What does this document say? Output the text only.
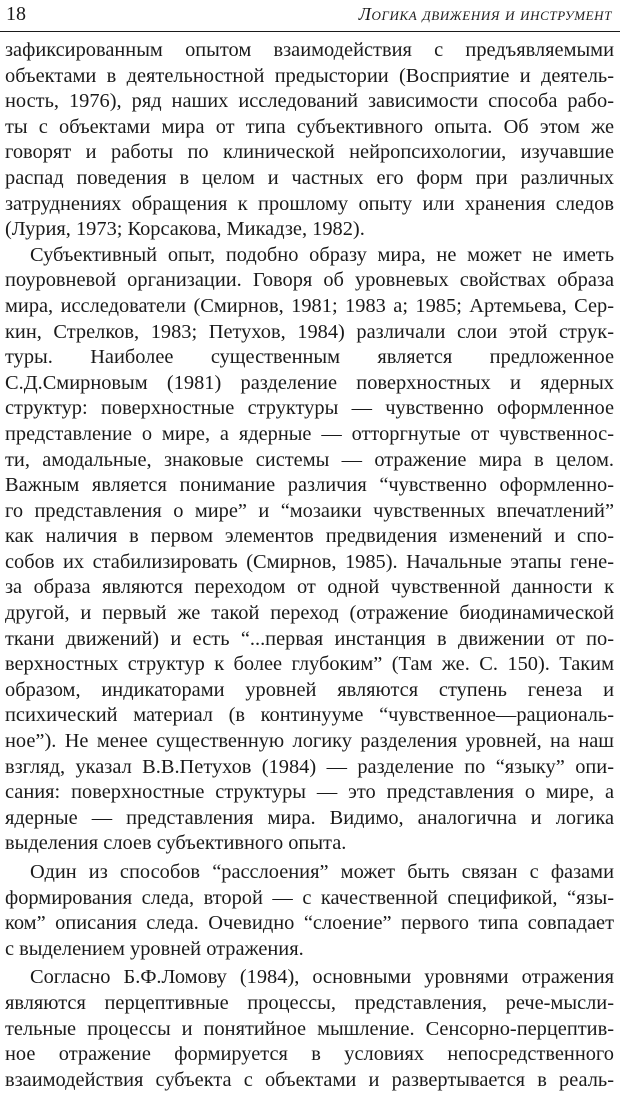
18	Логика движения и инструмент
зафиксированным опытом взаимодействия с предъявляемыми
объектами в деятельностной предыстории (Восприятие и деятель-
ность, 1976), ряд наших исследований зависимости способа рабо-
ты с объектами мира от типа субъективного опыта. Об этом же
говорят и работы по клинической нейропсихологии, изучавшие
распад поведения в целом и частных его форм при различных
затруднениях обращения к прошлому опыту или хранения следов
(Лурия, 1973; Корсакова, Микадзе, 1982).
Субъективный опыт, подобно образу мира, не может не иметь
поуровневой организации. Говоря об уровневых свойствах образа
мира, исследователи (Смирнов, 1981; 1983 а; 1985; Артемьева, Сер-
кин, Стрелков, 1983; Петухов, 1984) различали слои этой струк-
туры. Наиболее существенным является предложенное
С.Д.Смирновым (1981) разделение поверхностных и ядерных
структур: поверхностные структуры — чувственно оформленное
представление о мире, а ядерные — отторгнутые от чувственнос-
ти, амодальные, знаковые системы — отражение мира в целом.
Важным является понимание различия “чувственно оформленно-
го представления о мире” и “мозаики чувственных впечатлений”
как наличия в первом элементов предвидения изменений и спо-
собов их стабилизировать (Смирнов, 1985). Начальные этапы гене-
за образа являются переходом от одной чувственной данности к
другой, и первый же такой переход (отражение биодинамической
ткани движений) и есть “...первая инстанция в движении от по-
верхностных структур к более глубоким” (Там же. С. 150). Таким
образом, индикаторами уровней являются ступень генеза и
психический материал (в континууме “чувственное—рациональ-
ное”). Не менее существенную логику разделения уровней, на наш
взгляд, указал В.В.Петухов (1984) — разделение по “языку” опи-
сания: поверхностные структуры — это представления о мире, а
ядерные — представления мира. Видимо, аналогична и логика
выделения слоев субъективного опыта.
Один из способов “расслоения” может быть связан с фазами
формирования следа, второй — с качественной спецификой, “язы-
ком” описания следа. Очевидно “слоение” первого типа совпадает
с выделением уровней отражения.
Согласно Б.Ф.Ломову (1984), основными уровнями отражения
являются перцептивные процессы, представления, рече-мысли-
тельные процессы и понятийное мышление. Сенсорно-перцептив-
ное отражение формируется в условиях непосредственного
взаимодействия субъекта с объектами и развертывается в реаль-
